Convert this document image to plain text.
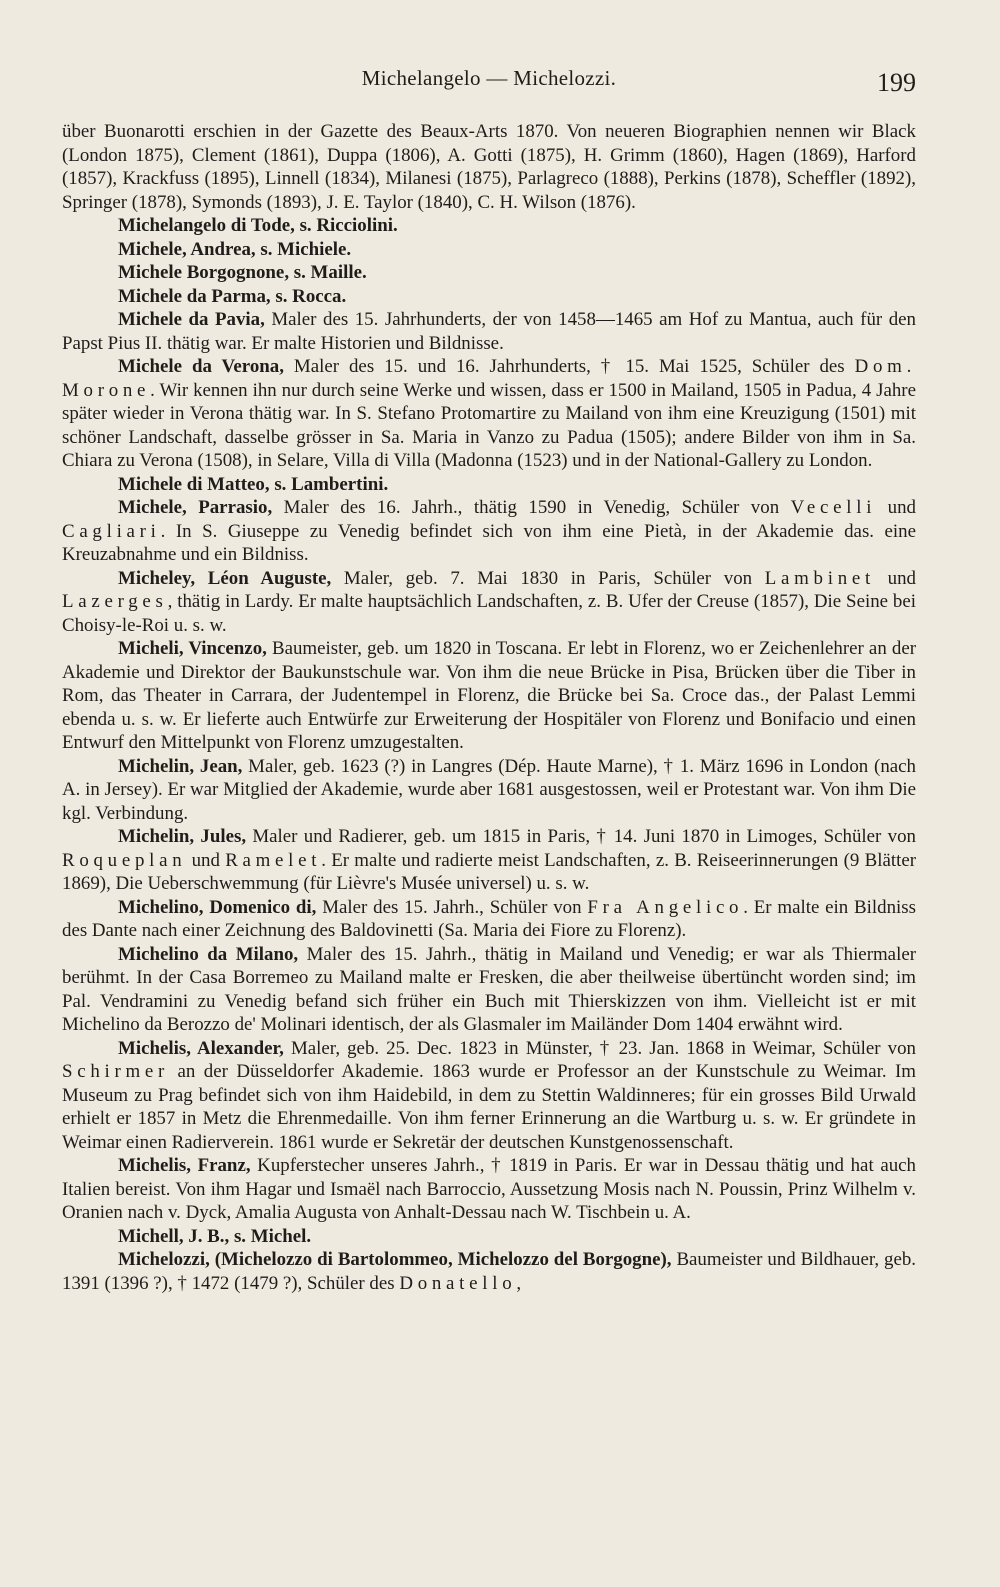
Michelangelo — Michelozzi.	199

über Buonarotti erschien in der Gazette des Beaux-Arts 1870. Von neueren Biographien nennen wir Black (London 1875), Clement (1861), Duppa (1806), A. Gotti (1875), H. Grimm (1860), Hagen (1869), Harford (1857), Krackfuss (1895), Linnell (1834), Milanesi (1875), Parlagreco (1888), Perkins (1878), Scheffler (1892), Springer (1878), Symonds (1893), J. E. Taylor (1840), C. H. Wilson (1876).

Michelangelo di Tode, s. Ricciolini.

Michele, Andrea, s. Michiele.

Michele Borgognone, s. Maille.

Michele da Parma, s. Rocca.

Michele da Pavia, Maler des 15. Jahrhunderts, der von 1458—1465 am Hof zu Mantua, auch für den Papst Pius II. thätig war. Er malte Historien und Bildnisse.

Michele da Verona, Maler des 15. und 16. Jahrhunderts, † 15. Mai 1525, Schüler des Dom. Morone. Wir kennen ihn nur durch seine Werke und wissen, dass er 1500 in Mailand, 1505 in Padua, 4 Jahre später wieder in Verona thätig war. In S. Stefano Protomartire zu Mailand von ihm eine Kreuzigung (1501) mit schöner Landschaft, dasselbe grösser in Sa. Maria in Vanzo zu Padua (1505); andere Bilder von ihm in Sa. Chiara zu Verona (1508), in Selare, Villa di Villa (Madonna (1523) und in der National-Gallery zu London.

Michele di Matteo, s. Lambertini.

Michele, Parrasio, Maler des 16. Jahrh., thätig 1590 in Venedig, Schüler von Vecelli und Cagliari. In S. Giuseppe zu Venedig befindet sich von ihm eine Pietà, in der Akademie das. eine Kreuzabnahme und ein Bildniss.

Micheley, Léon Auguste, Maler, geb. 7. Mai 1830 in Paris, Schüler von Lambinet und Lazerges, thätig in Lardy. Er malte hauptsächlich Landschaften, z. B. Ufer der Creuse (1857), Die Seine bei Choisy-le-Roi u. s. w.

Micheli, Vincenzo, Baumeister, geb. um 1820 in Toscana. Er lebt in Florenz, wo er Zeichenlehrer an der Akademie und Direktor der Baukunstschule war. Von ihm die neue Brücke in Pisa, Brücken über die Tiber in Rom, das Theater in Carrara, der Judentempel in Florenz, die Brücke bei Sa. Croce das., der Palast Lemmi ebenda u. s. w. Er lieferte auch Entwürfe zur Erweiterung der Hospitäler von Florenz und Bonifacio und einen Entwurf den Mittelpunkt von Florenz umzugestalten.

Michelin, Jean, Maler, geb. 1623 (?) in Langres (Dép. Haute Marne), † 1. März 1696 in London (nach A. in Jersey). Er war Mitglied der Akademie, wurde aber 1681 ausgestossen, weil er Protestant war. Von ihm Die kgl. Verbindung.

Michelin, Jules, Maler und Radierer, geb. um 1815 in Paris, † 14. Juni 1870 in Limoges, Schüler von Roqueplan und Ramelet. Er malte und radierte meist Landschaften, z. B. Reiseerinnerungen (9 Blätter 1869), Die Ueberschwemmung (für Lièvre's Musée universel) u. s. w.

Michelino, Domenico di, Maler des 15. Jahrh., Schüler von Fra Angelico. Er malte ein Bildniss des Dante nach einer Zeichnung des Baldovinetti (Sa. Maria dei Fiore zu Florenz).

Michelino da Milano, Maler des 15. Jahrh., thätig in Mailand und Venedig; er war als Thiermaler berühmt. In der Casa Borremeo zu Mailand malte er Fresken, die aber theilweise übertüncht worden sind; im Pal. Vendramini zu Venedig befand sich früher ein Buch mit Thierskizzen von ihm. Vielleicht ist er mit Michelino da Berozzo de' Molinari identisch, der als Glasmaler im Mailänder Dom 1404 erwähnt wird.

Michelis, Alexander, Maler, geb. 25. Dec. 1823 in Münster, † 23. Jan. 1868 in Weimar, Schüler von Schirmer an der Düsseldorfer Akademie. 1863 wurde er Professor an der Kunstschule zu Weimar. Im Museum zu Prag befindet sich von ihm Haidebild, in dem zu Stettin Waldinneres; für ein grosses Bild Urwald erhielt er 1857 in Metz die Ehrenmedaille. Von ihm ferner Erinnerung an die Wartburg u. s. w. Er gründete in Weimar einen Radierverein. 1861 wurde er Sekretär der deutschen Kunstgenossenschaft.

Michelis, Franz, Kupferstecher unseres Jahrh., † 1819 in Paris. Er war in Dessau thätig und hat auch Italien bereist. Von ihm Hagar und Ismaël nach Barroccio, Aussetzung Mosis nach N. Poussin, Prinz Wilhelm v. Oranien nach v. Dyck, Amalia Augusta von Anhalt-Dessau nach W. Tischbein u. A.

Michell, J. B., s. Michel.

Michelozzi, (Michelozzo di Bartolommeo, Michelozzo del Borgogne), Baumeister und Bildhauer, geb. 1391 (1396 ?), † 1472 (1479 ?), Schüler des Donatello,
